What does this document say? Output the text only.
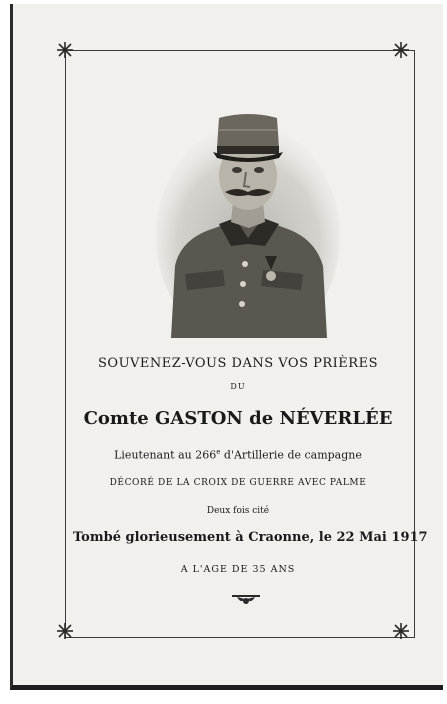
SOUVENEZ-VOUS DANS VOS PRIÈRES
DU
Comte GASTON de NÉVERLÉE
Lieutenant au 266e d'Artillerie de campagne
DÉCORÉ DE LA CROIX DE GUERRE AVEC PALME
Deux fois cité
Tombé glorieusement à Craonne, le 22 Mai 1917
A L'AGE DE 35 ANS
